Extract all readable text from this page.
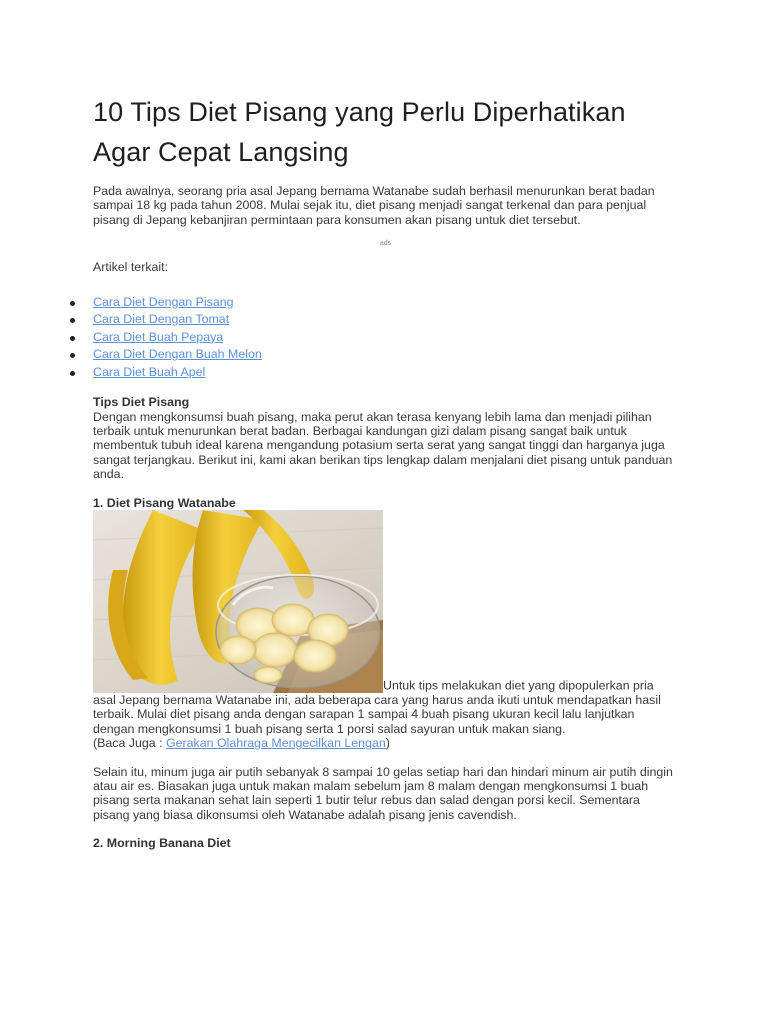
10 Tips Diet Pisang yang Perlu Diperhatikan Agar Cepat Langsing

Pada awalnya, seorang pria asal Jepang bernama Watanabe sudah berhasil menurunkan berat badan sampai 18 kg pada tahun 2008. Mulai sejak itu, diet pisang menjadi sangat terkenal dan para penjual pisang di Jepang kebanjiran permintaan para konsumen akan pisang untuk diet tersebut.

ads

Artikel terkait:

Cara Diet Dengan Pisang
Cara Diet Dengan Tomat
Cara Diet Buah Pepaya
Cara Diet Dengan Buah Melon
Cara Diet Buah Apel

Tips Diet Pisang

Dengan mengkonsumsi buah pisang, maka perut akan terasa kenyang lebih lama dan menjadi pilihan terbaik untuk menurunkan berat badan. Berbagai kandungan gizi dalam pisang sangat baik untuk membentuk tubuh ideal karena mengandung potasium serta serat yang sangat tinggi dan harganya juga sangat terjangkau. Berikut ini, kami akan berikan tips lengkap dalam menjalani diet pisang untuk panduan anda.

1. Diet Pisang Watanabe

Untuk tips melakukan diet yang dipopulerkan pria asal Jepang bernama Watanabe ini, ada beberapa cara yang harus anda ikuti untuk mendapatkan hasil terbaik. Mulai diet pisang anda dengan sarapan 1 sampai 4 buah pisang ukuran kecil lalu lanjutkan dengan mengkonsumsi 1 buah pisang serta 1 porsi salad sayuran untuk makan siang.
(Baca Juga : Gerakan Olahraga Mengecilkan Lengan)

Selain itu, minum juga air putih sebanyak 8 sampai 10 gelas setiap hari dan hindari minum air putih dingin atau air es. Biasakan juga untuk makan malam sebelum jam 8 malam dengan mengkonsumsi 1 buah pisang serta makanan sehat lain seperti 1 butir telur rebus dan salad dengan porsi kecil. Sementara pisang yang biasa dikonsumsi oleh Watanabe adalah pisang jenis cavendish.

2. Morning Banana Diet
